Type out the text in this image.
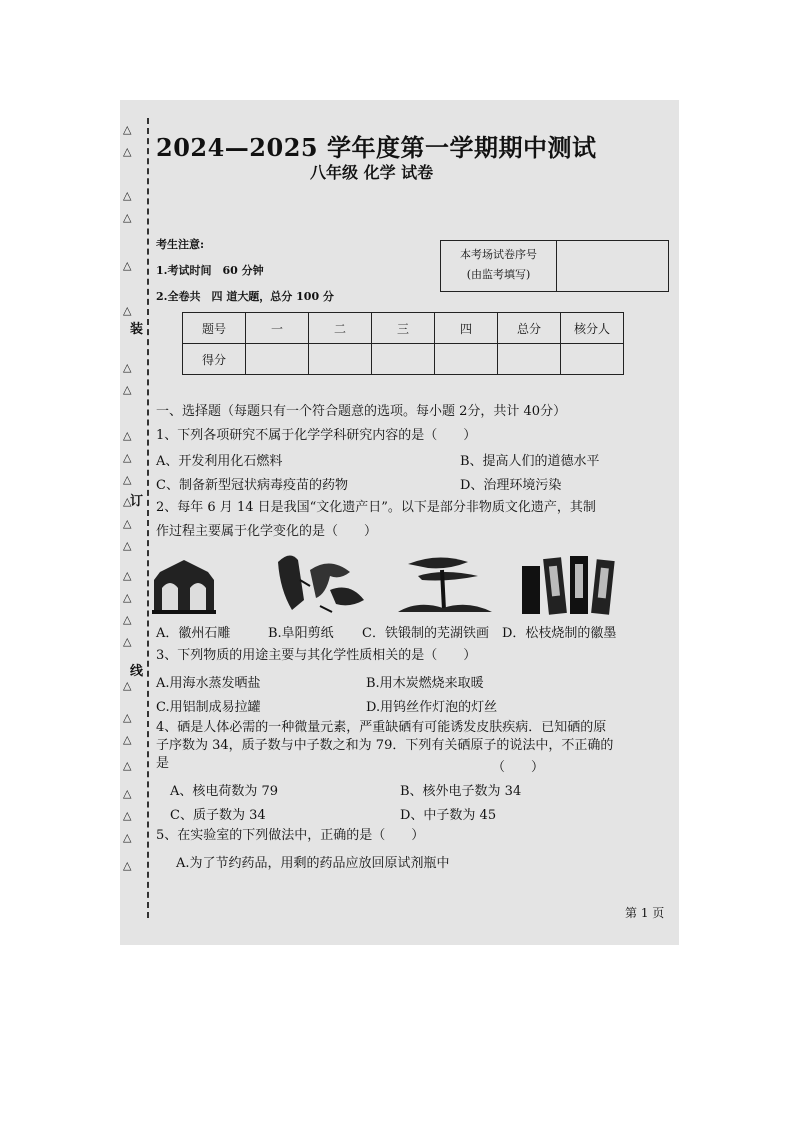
△
△
△
△
△
△
△
△
△
△
△
△
△
△
△
△
△
△
△
△
△
△
△
△
△
△
装
订
线
2024—2025 学年度第一学期期中测试
八年级 化学 试卷
考生注意:
1.考试时间　60 分钟
2.全卷共　四 道大题，总分 100 分
本考场试卷序号
(由监考填写)
题号	一	二	三	四	总分	核分人
得分						
一、选择题（每题只有一个符合题意的选项。每小题 2分，共计 40分）
1、下列各项研究不属于化学学科研究内容的是（　　）
A、开发利用化石燃料	B、提高人们的道德水平
C、制备新型冠状病毒疫苗的药物	D、治理环境污染
2、每年 6 月 14 日是我国“文化遗产日”。以下是部分非物质文化遗产，其制
作过程主要属于化学变化的是（　　）
A．徽州石雕	B.阜阳剪纸 C．铁锻制的芜湖铁画 D．松枝烧制的徽墨
3、下列物质的用途主要与其化学性质相关的是（　　）
A.用海水蒸发晒盐	B.用木炭燃烧来取暖
C.用铝制成易拉罐	D.用钨丝作灯泡的灯丝
4、硒是人体必需的一种微量元素，严重缺硒有可能诱发皮肤疾病．已知硒的原
子序数为 34，质子数与中子数之和为 79．下列有关硒原子的说法中，不正确的
是	（　　）
A、核电荷数为 79	B、核外电子数为 34
C、质子数为 34	D、中子数为 45
5、在实验室的下列做法中，正确的是（　　）
A.为了节约药品，用剩的药品应放回原试剂瓶中
第 1 页
